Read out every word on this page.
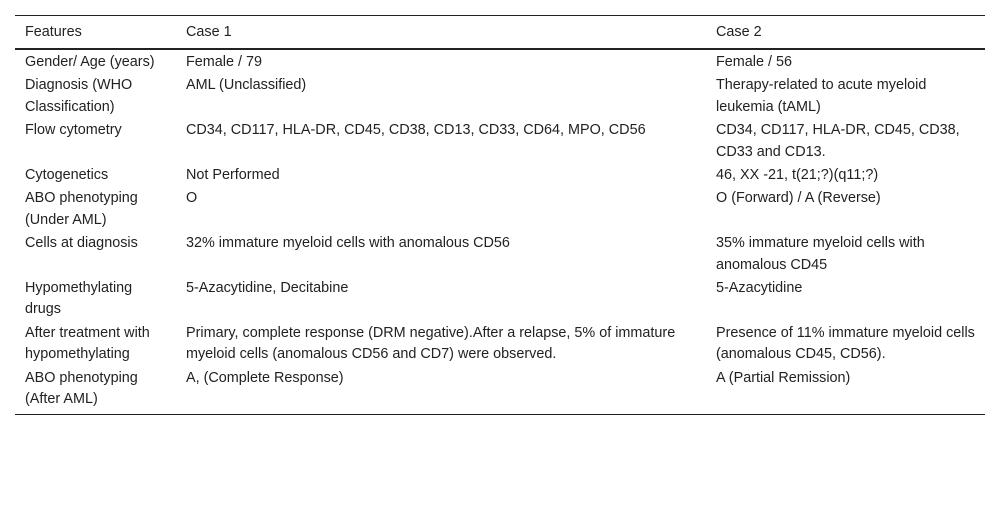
Features	Case 1	Case 2
Gender/ Age (years)	Female / 79	Female / 56
Diagnosis (WHO Classification)	AML (Unclassified)	Therapy-related to acute myeloid leukemia (tAML)
Flow cytometry	CD34, CD117, HLA-DR, CD45, CD38, CD13, CD33, CD64, MPO, CD56	CD34, CD117, HLA-DR, CD45, CD38, CD33 and CD13.
Cytogenetics	Not Performed	46, XX -21, t(21;?)(q11;?)
ABO phenotyping (Under AML)	O	O (Forward) / A (Reverse)
Cells at diagnosis	32% immature myeloid cells with anomalous CD56	35% immature myeloid cells with anomalous CD45
Hypomethylating drugs	5-Azacytidine, Decitabine	5-Azacytidine
After treatment with hypomethylating	Primary, complete response (DRM negative).After a relapse, 5% of immature myeloid cells (anomalous CD56 and CD7) were observed.	Presence of 11% immature myeloid cells (anomalous CD45, CD56).
ABO phenotyping (After AML)	A, (Complete Response)	A (Partial Remission)
